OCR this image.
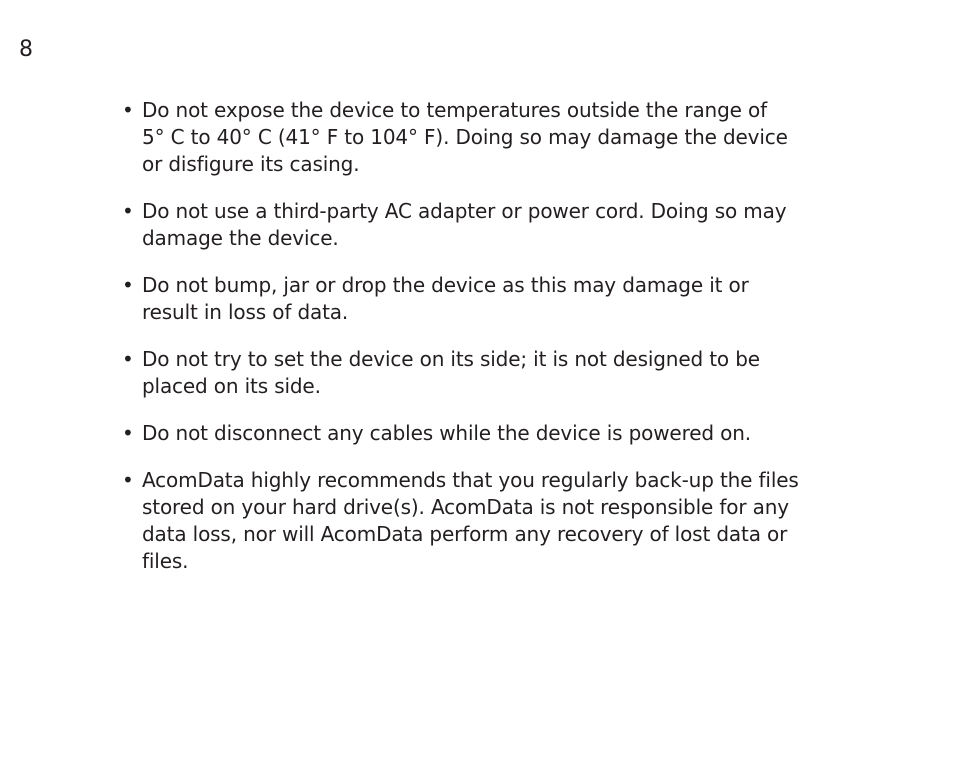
8
• Do not expose the device to temperatures outside the range of
5° C to 40° C (41° F to 104° F). Doing so may damage the device
or disfigure its casing.
• Do not use a third-party AC adapter or power cord. Doing so may
damage the device.
• Do not bump, jar or drop the device as this may damage it or
result in loss of data.
• Do not try to set the device on its side; it is not designed to be
placed on its side.
• Do not disconnect any cables while the device is powered on.
• AcomData highly recommends that you regularly back-up the files
stored on your hard drive(s). AcomData is not responsible for any
data loss, nor will AcomData perform any recovery of lost data or
files.
